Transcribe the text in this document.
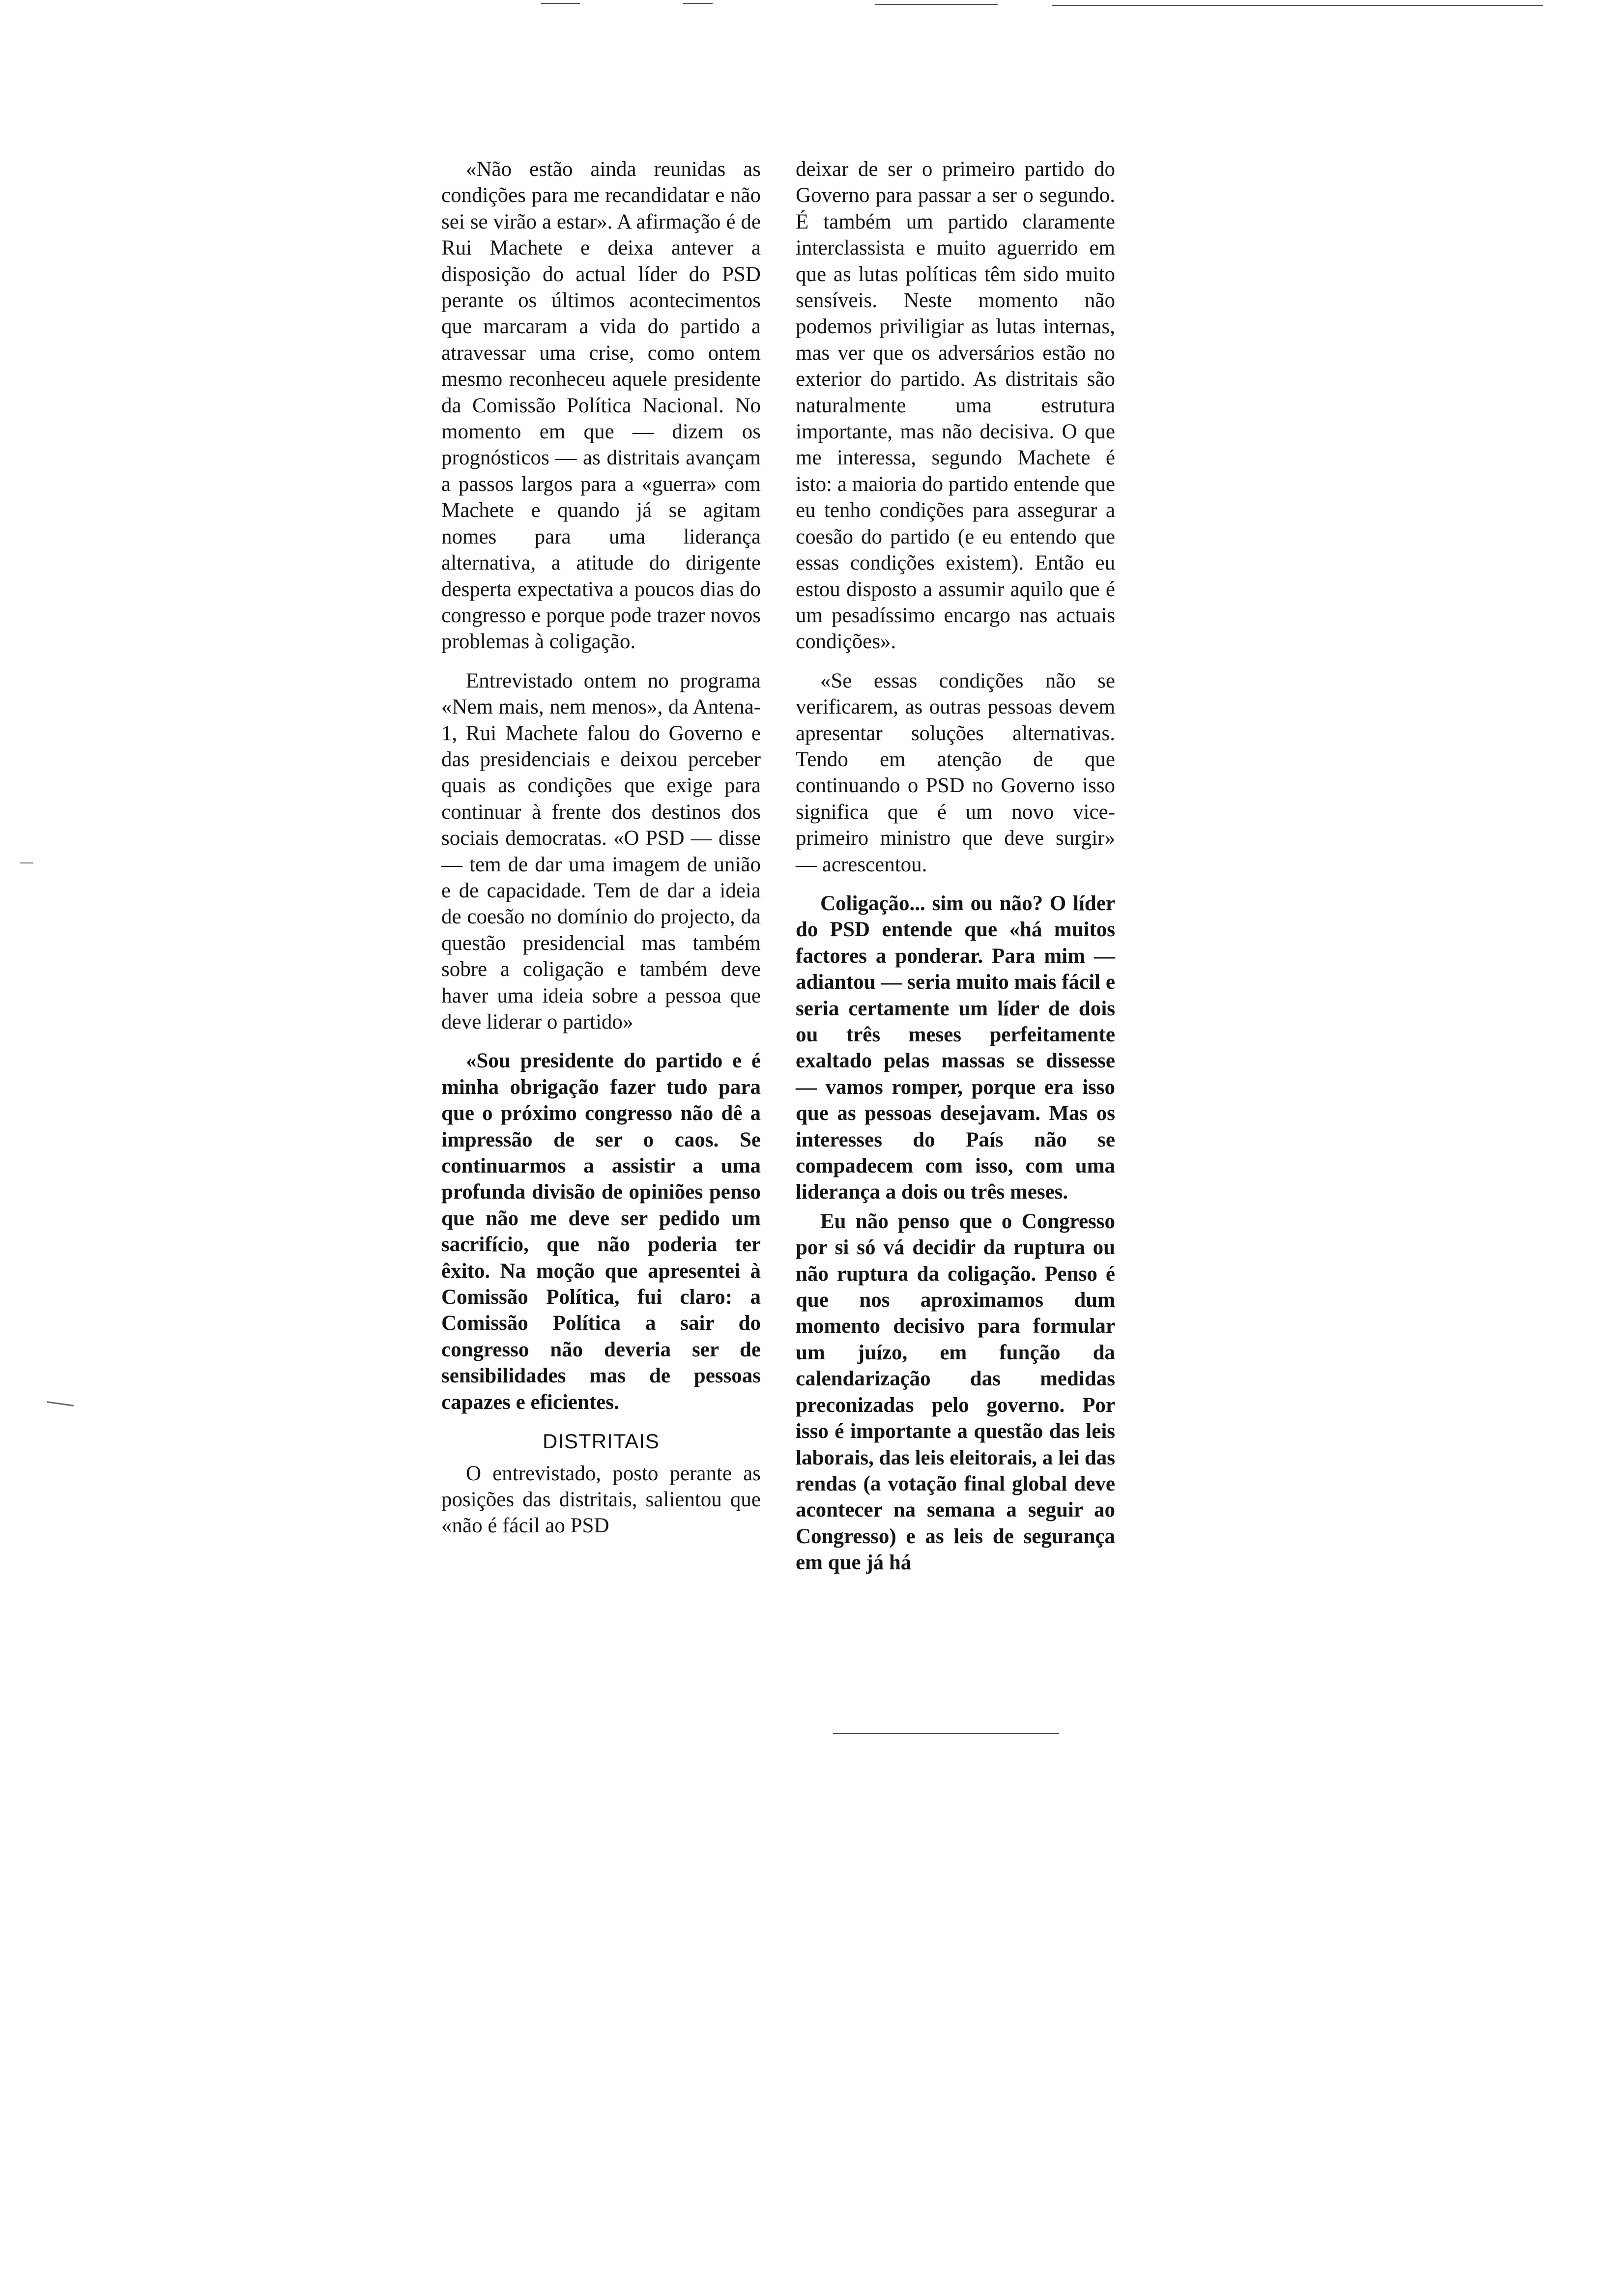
«Não estão ainda reunidas as condições para me recandidatar e não sei se virão a estar». A afirmação é de Rui Machete e deixa antever a disposição do actual líder do PSD perante os últimos acontecimentos que marcaram a vida do partido a atravessar uma crise, como ontem mesmo reconheceu aquele presidente da Comissão Política Nacional. No momento em que — dizem os prognósticos — as distritais avançam a passos largos para a «guerra» com Machete e quando já se agitam nomes para uma liderança alternativa, a atitude do dirigente desperta expectativa a poucos dias do congresso e porque pode trazer novos problemas à coligação.

Entrevistado ontem no programa «Nem mais, nem menos», da Antena-1, Rui Machete falou do Governo e das presidenciais e deixou perceber quais as condições que exige para continuar à frente dos destinos dos sociais democratas. «O PSD — disse — tem de dar uma imagem de união e de capacidade. Tem de dar a ideia de coesão no domínio do projecto, da questão presidencial mas também sobre a coligação e também deve haver uma ideia sobre a pessoa que deve liderar o partido»

«Sou presidente do partido e é minha obrigação fazer tudo para que o próximo congresso não dê a impressão de ser o caos. Se continuarmos a assistir a uma profunda divisão de opiniões penso que não me deve ser pedido um sacrifício, que não poderia ter êxito. Na moção que apresentei à Comissão Política, fui claro: a Comissão Política a sair do congresso não deveria ser de sensibilidades mas de pessoas capazes e eficientes.

DISTRITAIS

O entrevistado, posto perante as posições das distritais, salientou que «não é fácil ao PSD

deixar de ser o primeiro partido do Governo para passar a ser o segundo. É também um partido claramente interclassista e muito aguerrido em que as lutas políticas têm sido muito sensíveis. Neste momento não podemos priviligiar as lutas internas, mas ver que os adversários estão no exterior do partido. As distritais são naturalmente uma estrutura importante, mas não decisiva. O que me interessa, segundo Machete é isto: a maioria do partido entende que eu tenho condições para assegurar a coesão do partido (e eu entendo que essas condições existem). Então eu estou disposto a assumir aquilo que é um pesadíssimo encargo nas actuais condições».

«Se essas condições não se verificarem, as outras pessoas devem apresentar soluções alternativas. Tendo em atenção de que continuando o PSD no Governo isso significa que é um novo vice-primeiro ministro que deve surgir» — acrescentou.

Coligação... sim ou não? O líder do PSD entende que «há muitos factores a ponderar. Para mim — adiantou — seria muito mais fácil e seria certamente um líder de dois ou três meses perfeitamente exaltado pelas massas se dissesse — vamos romper, porque era isso que as pessoas desejavam. Mas os interesses do País não se compadecem com isso, com uma liderança a dois ou três meses.

Eu não penso que o Congresso por si só vá decidir da ruptura ou não ruptura da coligação. Penso é que nos aproximamos dum momento decisivo para formular um juízo, em função da calendarização das medidas preconizadas pelo governo. Por isso é importante a questão das leis laborais, das leis eleitorais, a lei das rendas (a votação final global deve acontecer na semana a seguir ao Congresso) e as leis de segurança em que já há
